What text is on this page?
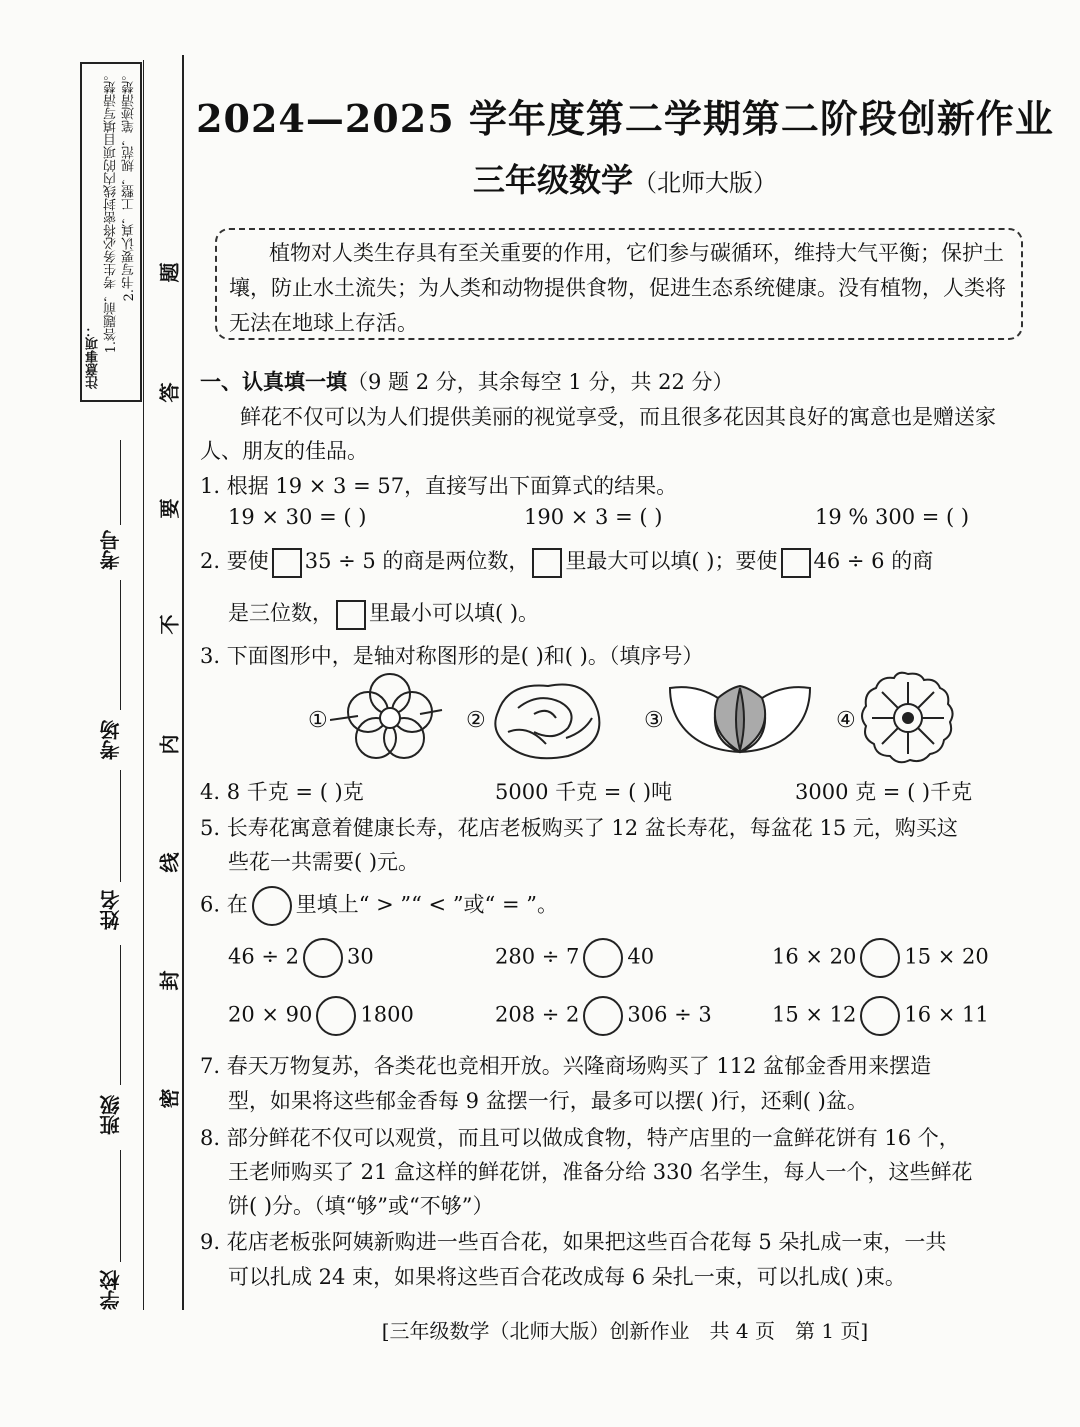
注意事项：
1.答题前，考生务必将密封线内的项目填写清楚。 2.书写要认真，工整，规范，笔迹清楚。
考号
考场
姓名
班级
学校
题
答
要
不
内
线
封
密
2024—2025 学年度第二学期第二阶段创新作业
三年级数学（北师大版）
植物对人类生存具有至关重要的作用，它们参与碳循环，维持大气平衡；保护土壤，防止水土流失；为人类和动物提供食物，促进生态系统健康。没有植物，人类将无法在地球上存活。
一、认真填一填（9 题 2 分，其余每空 1 分，共 22 分）
鲜花不仅可以为人们提供美丽的视觉享受，而且很多花因其良好的寓意也是赠送家人、朋友的佳品。
1. 根据 19 × 3 = 57，直接写出下面算式的结果。
19 × 30 = ( )	190 × 3 = ( )	19 % 300 = ( )
2. 要使 35 ÷ 5 的商是两位数， 里最大可以填( )；要使 46 ÷ 6 的商
是三位数， 里最小可以填( )。
3. 下面图形中，是轴对称图形的是( )和( )。（填序号）
①	②	③	④
4. 8 千克 = ( )克	5000 千克 = ( )吨	3000 克 = ( )千克
5. 长寿花寓意着健康长寿，花店老板购买了 12 盆长寿花，每盆花 15 元，购买这
些花一共需要( )元。
6. 在 里填上“ > ”“ < ”或“ = ”。
46 ÷ 2 30	280 ÷ 7 40	16 × 20 15 × 20
20 × 90 1800	208 ÷ 2 306 ÷ 3	15 × 12 16 × 11
7. 春天万物复苏，各类花也竞相开放。兴隆商场购买了 112 盆郁金香用来摆造
型，如果将这些郁金香每 9 盆摆一行，最多可以摆( )行，还剩( )盆。
8. 部分鲜花不仅可以观赏，而且可以做成食物，特产店里的一盒鲜花饼有 16 个，
王老师购买了 21 盒这样的鲜花饼，准备分给 330 名学生，每人一个，这些鲜花
饼( )分。（填“够”或“不够”）
9. 花店老板张阿姨新购进一些百合花，如果把这些百合花每 5 朵扎成一束，一共
可以扎成 24 束，如果将这些百合花改成每 6 朵扎一束，可以扎成( )束。
[三年级数学（北师大版）创新作业　共 4 页　第 1 页]
